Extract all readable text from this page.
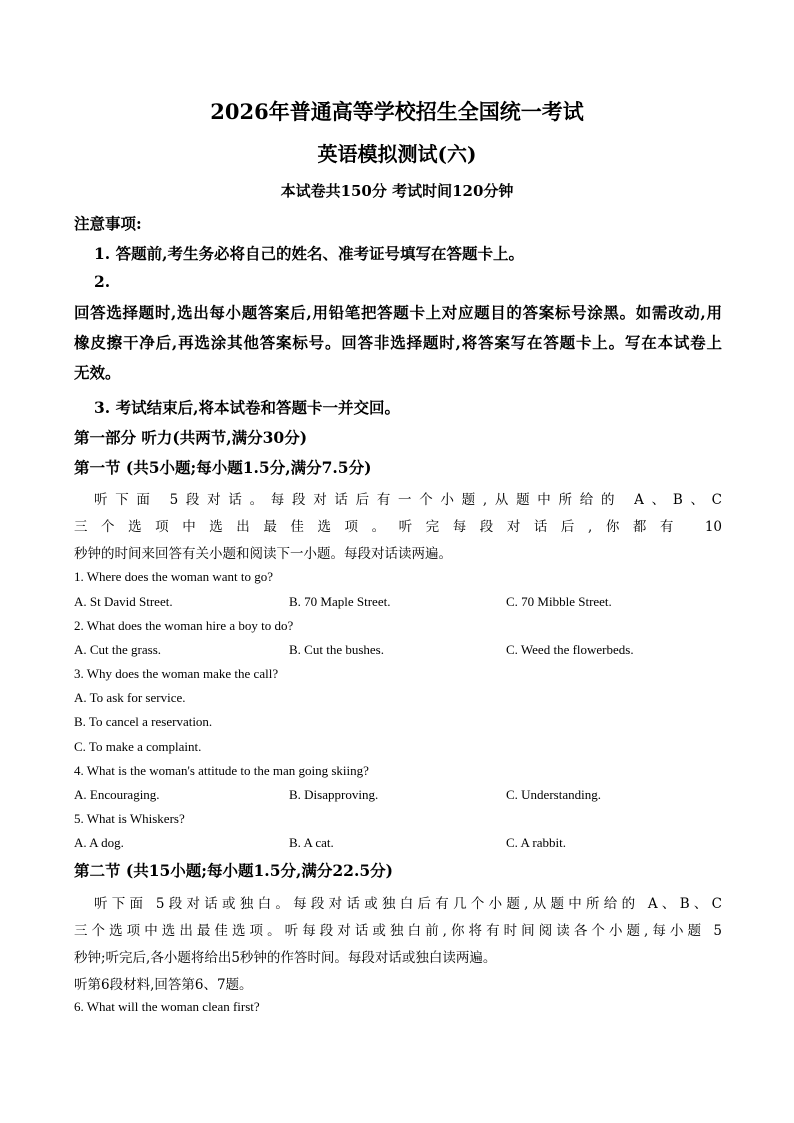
2026年普通高等学校招生全国统一考试
英语模拟测试(六)
本试卷共150分 考试时间120分钟
注意事项:
1. 答题前,考生务必将自己的姓名、准考证号填写在答题卡上。
2.
回答选择题时,选出每小题答案后,用铅笔把答题卡上对应题目的答案标号涂黑。如需改动,用
橡皮擦干净后,再选涂其他答案标号。回答非选择题时,将答案写在答题卡上。写在本试卷上
无效。
3. 考试结束后,将本试卷和答题卡一并交回。
第一部分 听力(共两节,满分30分)
第一节 (共5小题;每小题1.5分,满分7.5分)
听下面 5段对话。每段对话后有一个小题,从题中所给的 A、B、C
三个选项中选出最佳选项。听完每段对话后,你都有 10
秒钟的时间来回答有关小题和阅读下一小题。每段对话读两遍。
1. Where does the woman want to go?
A. St David Street.	B. 70 Maple Street.	C. 70 Mibble Street.
2. What does the woman hire a boy to do?
A. Cut the grass.	B. Cut the bushes.	C. Weed the flowerbeds.
3. Why does the woman make the call?
A. To ask for service.
B. To cancel a reservation.
C. To make a complaint.
4. What is the woman's attitude to the man going skiing?
A. Encouraging.	B. Disapproving.	C. Understanding.
5. What is Whiskers?
A. A dog.	B. A cat.	C. A rabbit.
第二节 (共15小题;每小题1.5分,满分22.5分)
听下面 5段对话或独白。每段对话或独白后有几个小题,从题中所给的 A、B、C
三个选项中选出最佳选项。听每段对话或独白前,你将有时间阅读各个小题,每小题 5
秒钟;听完后,各小题将给出5秒钟的作答时间。每段对话或独白读两遍。
听第6段材料,回答第6、7题。
6. What will the woman clean first?
